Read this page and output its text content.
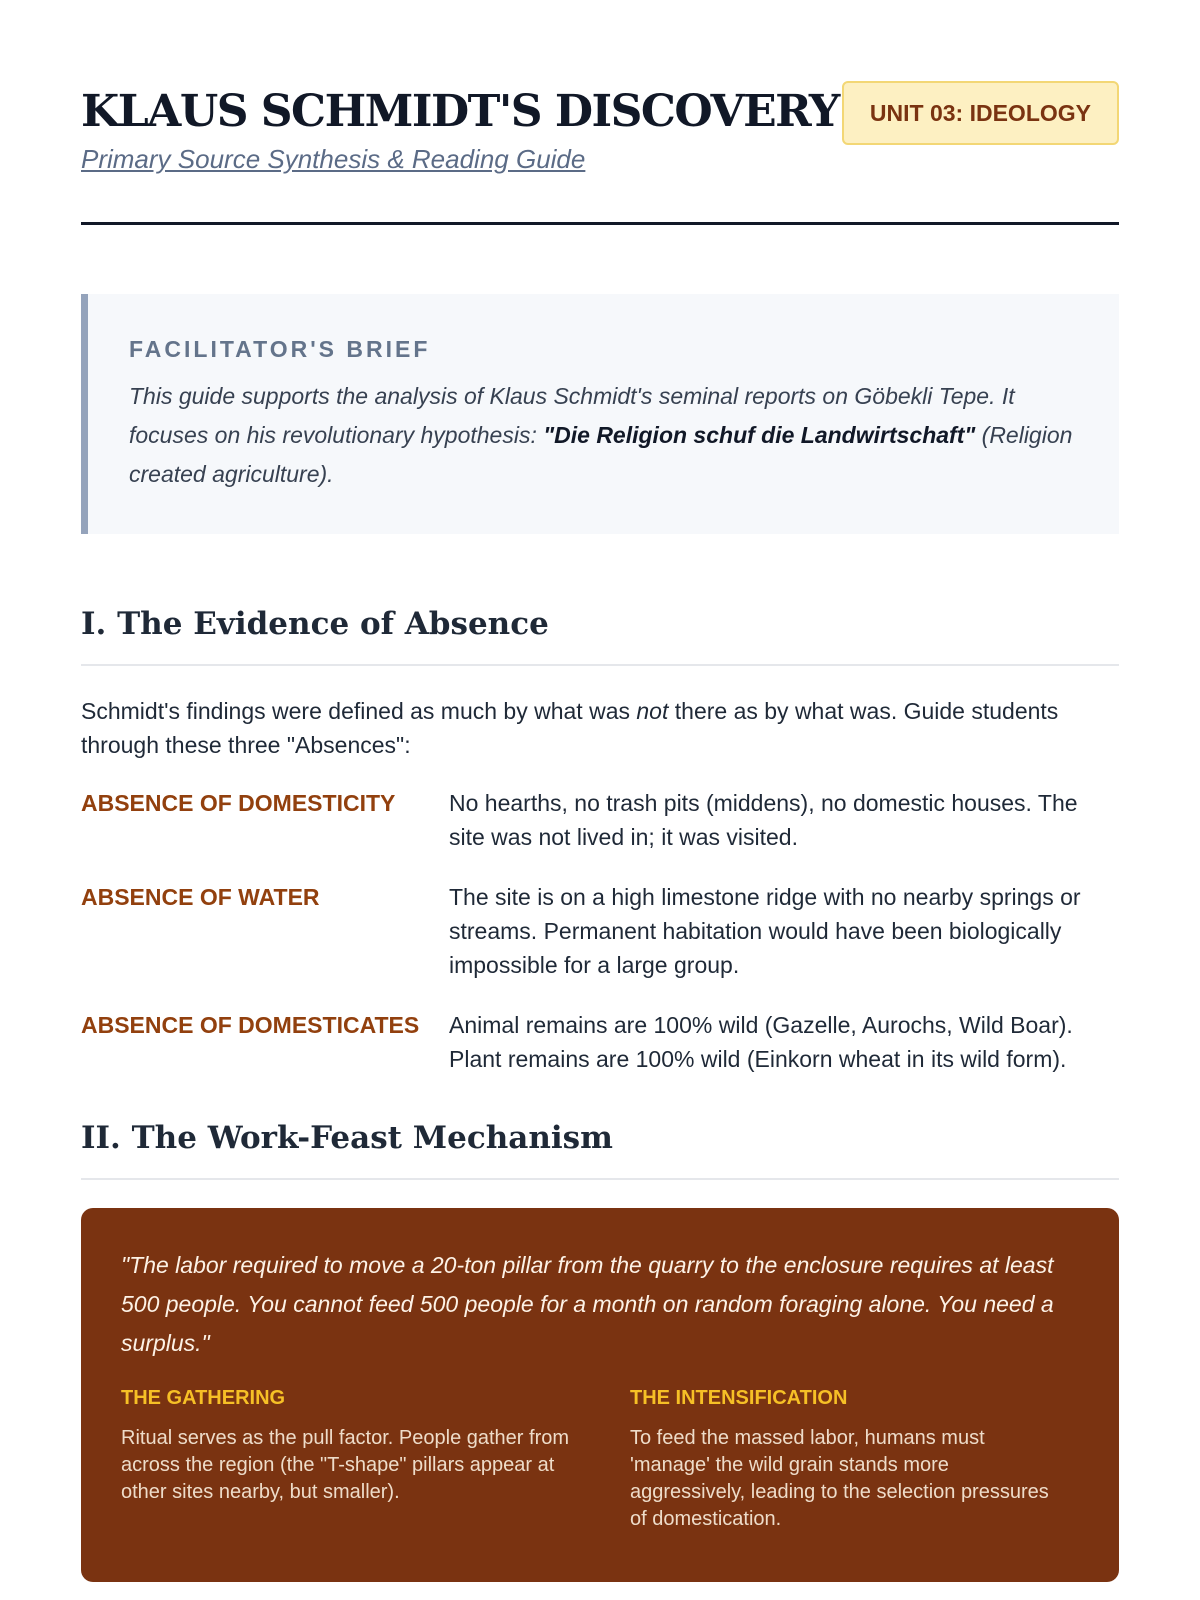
KLAUS SCHMIDT'S DISCOVERY
Primary Source Synthesis & Reading Guide
UNIT 03: IDEOLOGY
FACILITATOR'S BRIEF

This guide supports the analysis of Klaus Schmidt's seminal reports on Göbekli Tepe. It focuses on his revolutionary hypothesis: "Die Religion schuf die Landwirtschaft" (Religion created agriculture).

I. The Evidence of Absence

Schmidt's findings were defined as much by what was not there as by what was. Guide students through these three "Absences":

ABSENCE OF DOMESTICITY	No hearths, no trash pits (middens), no domestic houses. The site was not lived in; it was visited.
ABSENCE OF WATER	The site is on a high limestone ridge with no nearby springs or streams. Permanent habitation would have been biologically impossible for a large group.
ABSENCE OF DOMESTICATES	Animal remains are 100% wild (Gazelle, Aurochs, Wild Boar). Plant remains are 100% wild (Einkorn wheat in its wild form).
II. The Work-Feast Mechanism

"The labor required to move a 20-ton pillar from the quarry to the enclosure requires at least 500 people. You cannot feed 500 people for a month on random foraging alone. You need a surplus."

THE GATHERING

Ritual serves as the pull factor. People gather from across the region (the "T-shape" pillars appear at other sites nearby, but smaller).

THE INTENSIFICATION

To feed the massed labor, humans must 'manage' the wild grain stands more aggressively, leading to the selection pressures of domestication.
